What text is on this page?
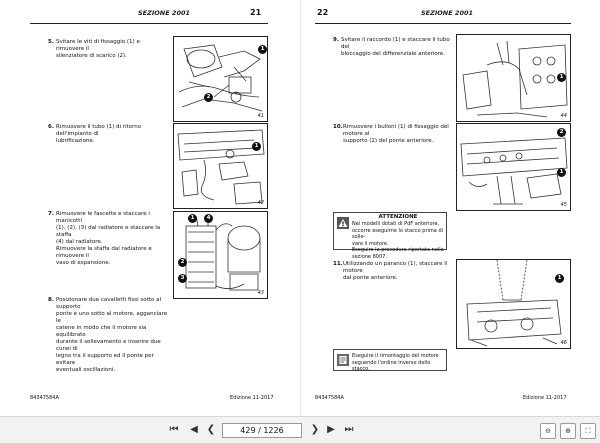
SEZIONE 2001	21
5. Svitare le viti di fissaggio (1) e rimuovere il
silenziatore di scarico (2).
1
2
41
6. Rimuovere il tubo (1) di ritorno dell'impianto di
lubrificazione.
1
42
7. Rimuovere le fascette e staccare i manicotti
(1), (2), (3) dal radiatore e staccare la staffa
(4) dal radiatore.
Rimuovere la staffa dal radiatore e rimuovere il
vaso di espansione.
1
2
3
4
43
8. Posizionare due cavalletti fissi sotto al supporto
ponte e uno sotto al motore, agganciare le
catene in modo che il motore sia equilibrato
durante il sollevamento e inserire due cunei di
legno tra il supporto ed il ponte per evitare
eventuali oscillazioni.
84347584A	Edizione 11-2017
22	SEZIONE 2001
9. Svitare il raccordo (1) e staccare il tubo del
bloccaggio del differenziale anteriore.
1
44
10. Rimuovere i bulloni (1) di fissaggio del motore al
supporto (2) del ponte anteriore.
1
2
45
ATTENZIONE
Nei modelli dotati di PdF anteriore,
occorre eseguirne lo stacco prima di solle-
vare il motore.
Eseguire la procedura riportata nella
sezione 8007.
11. Utilizzando un paranco (1), staccare il motore
dal ponte anteriore.	1
46
Eseguire il rimontaggio del motore
seguendo l'ordine inverso dello stacco.
84347584A	Edizione 11-2017
⏮	◀ ❮	429 / 1226	❯ ▶ ⏭	⊖	⊕	⛶
